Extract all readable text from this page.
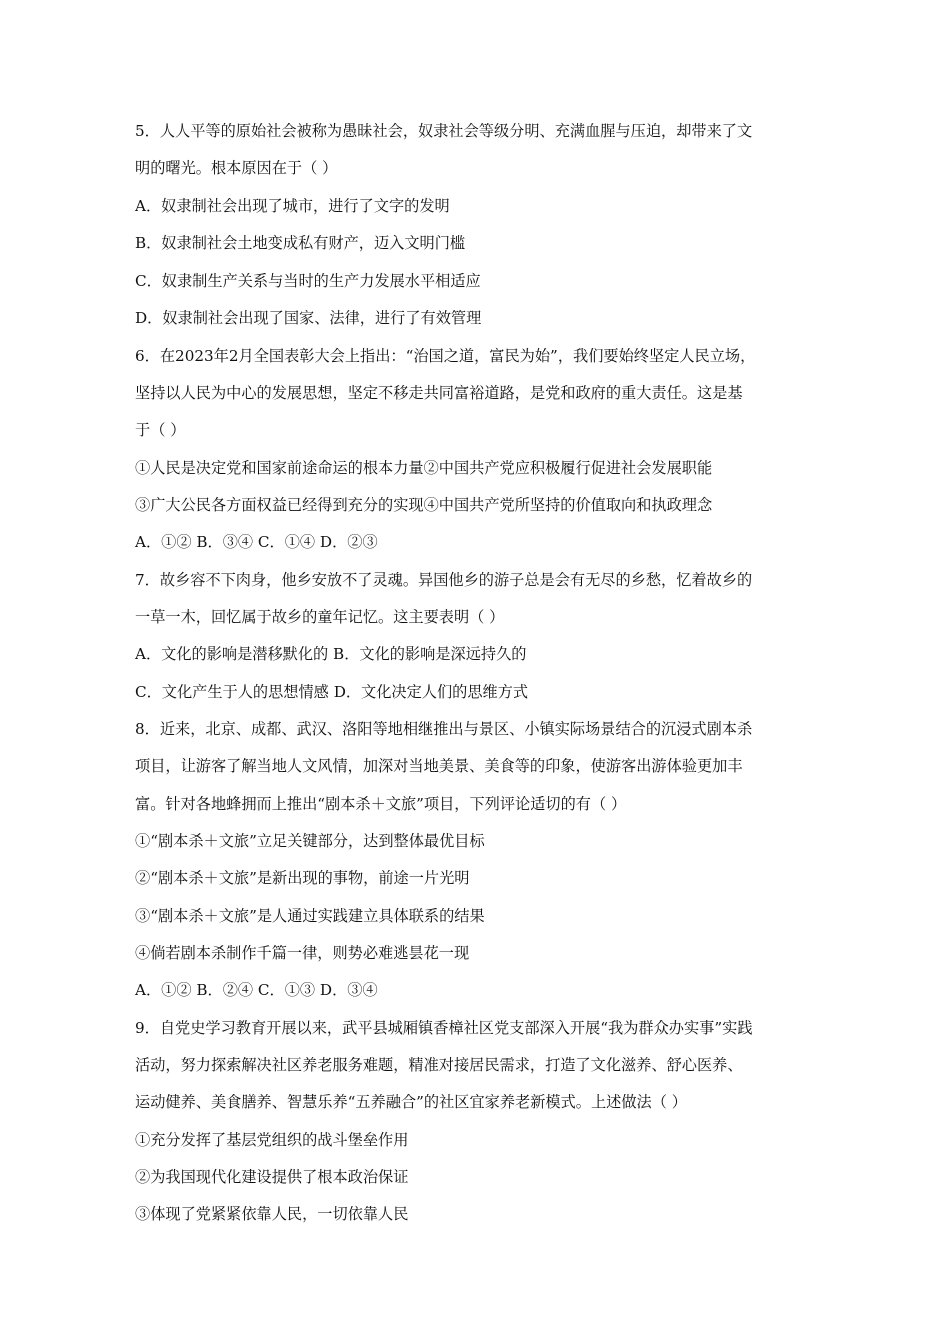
5．人人平等的原始社会被称为愚昧社会，奴隶社会等级分明、充满血腥与压迫，却带来了文
明的曙光。根本原因在于（ ）
A．奴隶制社会出现了城市，进行了文字的发明
B．奴隶制社会土地变成私有财产，迈入文明门槛
C．奴隶制生产关系与当时的生产力发展水平相适应
D．奴隶制社会出现了国家、法律，进行了有效管理
6．在2023年2月全国表彰大会上指出：“治国之道，富民为始”，我们要始终坚定人民立场，
坚持以人民为中心的发展思想，坚定不移走共同富裕道路，是党和政府的重大责任。这是基
于（ ）
①人民是决定党和国家前途命运的根本力量②中国共产党应积极履行促进社会发展职能
③广大公民各方面权益已经得到充分的实现④中国共产党所坚持的价值取向和执政理念
A．①② B．③④ C．①④ D．②③
7．故乡容不下肉身，他乡安放不了灵魂。异国他乡的游子总是会有无尽的乡愁，忆着故乡的
一草一木，回忆属于故乡的童年记忆。这主要表明（ ）
A．文化的影响是潜移默化的 B．文化的影响是深远持久的
C．文化产生于人的思想情感 D．文化决定人们的思维方式
8．近来，北京、成都、武汉、洛阳等地相继推出与景区、小镇实际场景结合的沉浸式剧本杀
项目，让游客了解当地人文风情，加深对当地美景、美食等的印象，使游客出游体验更加丰
富。针对各地蜂拥而上推出“剧本杀＋文旅”项目，下列评论适切的有（ ）
①“剧本杀＋文旅”立足关键部分，达到整体最优目标
②“剧本杀＋文旅”是新出现的事物，前途一片光明
③“剧本杀＋文旅”是人通过实践建立具体联系的结果
④倘若剧本杀制作千篇一律，则势必难逃昙花一现
A．①② B．②④ C．①③ D．③④
9．自党史学习教育开展以来，武平县城厢镇香樟社区党支部深入开展“我为群众办实事”实践
活动，努力探索解决社区养老服务难题，精准对接居民需求，打造了文化滋养、舒心医养、
运动健养、美食膳养、智慧乐养“五养融合”的社区宜家养老新模式。上述做法（ ）
①充分发挥了基层党组织的战斗堡垒作用
②为我国现代化建设提供了根本政治保证
③体现了党紧紧依靠人民，一切依靠人民
